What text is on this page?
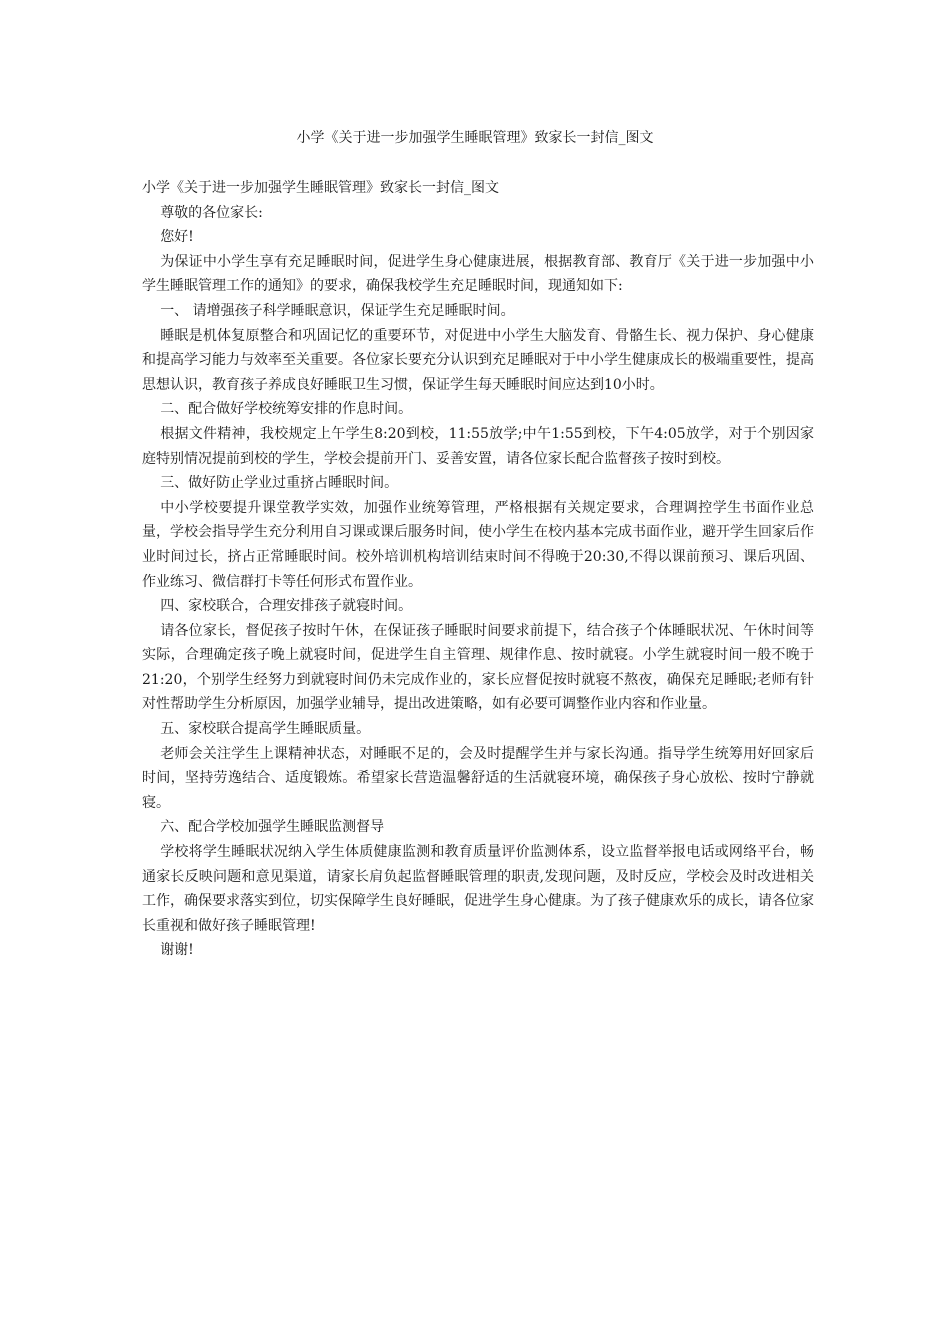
小学《关于进一步加强学生睡眠管理》致家长一封信_图文

小学《关于进一步加强学生睡眠管理》致家长一封信_图文

尊敬的各位家长:

您好!

为保证中小学生享有充足睡眠时间，促进学生身心健康进展，根据教育部、教育厅《关于进一步加强中小学生睡眠管理工作的通知》的要求，确保我校学生充足睡眠时间，现通知如下:

一、 请增强孩子科学睡眠意识，保证学生充足睡眠时间。

睡眠是机体复原整合和巩固记忆的重要环节，对促进中小学生大脑发育、骨骼生长、视力保护、身心健康和提高学习能力与效率至关重要。各位家长要充分认识到充足睡眠对于中小学生健康成长的极端重要性，提高思想认识，教育孩子养成良好睡眠卫生习惯，保证学生每天睡眠时间应达到10小时。

二、配合做好学校统筹安排的作息时间。

根据文件精神，我校规定上午学生8:20到校，11:55放学;中午1:55到校，下午4:05放学，对于个别因家庭特别情况提前到校的学生，学校会提前开门、妥善安置，请各位家长配合监督孩子按时到校。

三、做好防止学业过重挤占睡眠时间。

中小学校要提升课堂教学实效，加强作业统筹管理，严格根据有关规定要求，合理调控学生书面作业总量，学校会指导学生充分利用自习课或课后服务时间，使小学生在校内基本完成书面作业，避开学生回家后作业时间过长，挤占正常睡眠时间。校外培训机构培训结束时间不得晚于20:30,不得以课前预习、课后巩固、作业练习、微信群打卡等任何形式布置作业。

四、家校联合，合理安排孩子就寝时间。

请各位家长，督促孩子按时午休，在保证孩子睡眠时间要求前提下，结合孩子个体睡眠状况、午休时间等实际，合理确定孩子晚上就寝时间，促进学生自主管理、规律作息、按时就寝。小学生就寝时间一般不晚于21:20，个别学生经努力到就寝时间仍未完成作业的，家长应督促按时就寝不熬夜，确保充足睡眠;老师有针对性帮助学生分析原因，加强学业辅导，提出改进策略，如有必要可调整作业内容和作业量。

五、家校联合提高学生睡眠质量。

老师会关注学生上课精神状态，对睡眠不足的，会及时提醒学生并与家长沟通。指导学生统筹用好回家后时间，坚持劳逸结合、适度锻炼。希望家长营造温馨舒适的生活就寝环境，确保孩子身心放松、按时宁静就寝。

六、配合学校加强学生睡眠监测督导

学校将学生睡眠状况纳入学生体质健康监测和教育质量评价监测体系，设立监督举报电话或网络平台，畅通家长反映问题和意见渠道，请家长肩负起监督睡眠管理的职责,发现问题，及时反应，学校会及时改进相关工作，确保要求落实到位，切实保障学生良好睡眠，促进学生身心健康。为了孩子健康欢乐的成长，请各位家长重视和做好孩子睡眠管理!

谢谢!
